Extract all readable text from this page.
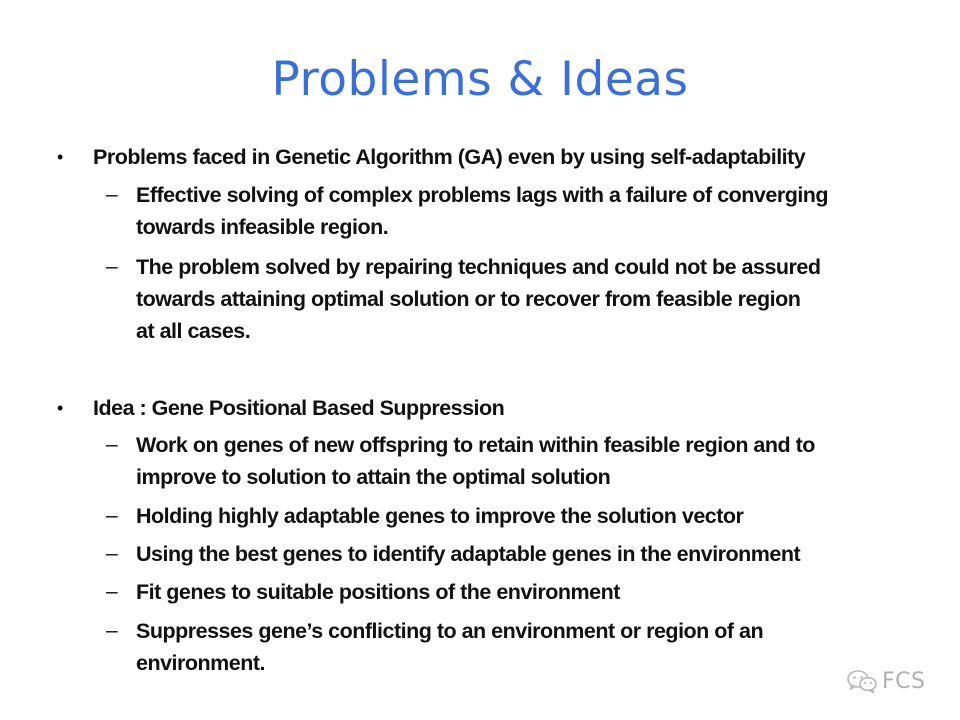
Problems & Ideas
• Problems faced in Genetic Algorithm (GA) even by using self-adaptability
– Effective solving of complex problems lags with a failure of converging
towards infeasible region.
– The problem solved by repairing techniques and could not be assured
towards attaining optimal solution or to recover from feasible region
at all cases.
• Idea : Gene Positional Based Suppression
– Work on genes of new offspring to retain within feasible region and to
improve to solution to attain the optimal solution
– Holding highly adaptable genes to improve the solution vector
– Using the best genes to identify adaptable genes in the environment
– Fit genes to suitable positions of the environment
– Suppresses gene’s conflicting to an environment or region of an
environment.
FCS
